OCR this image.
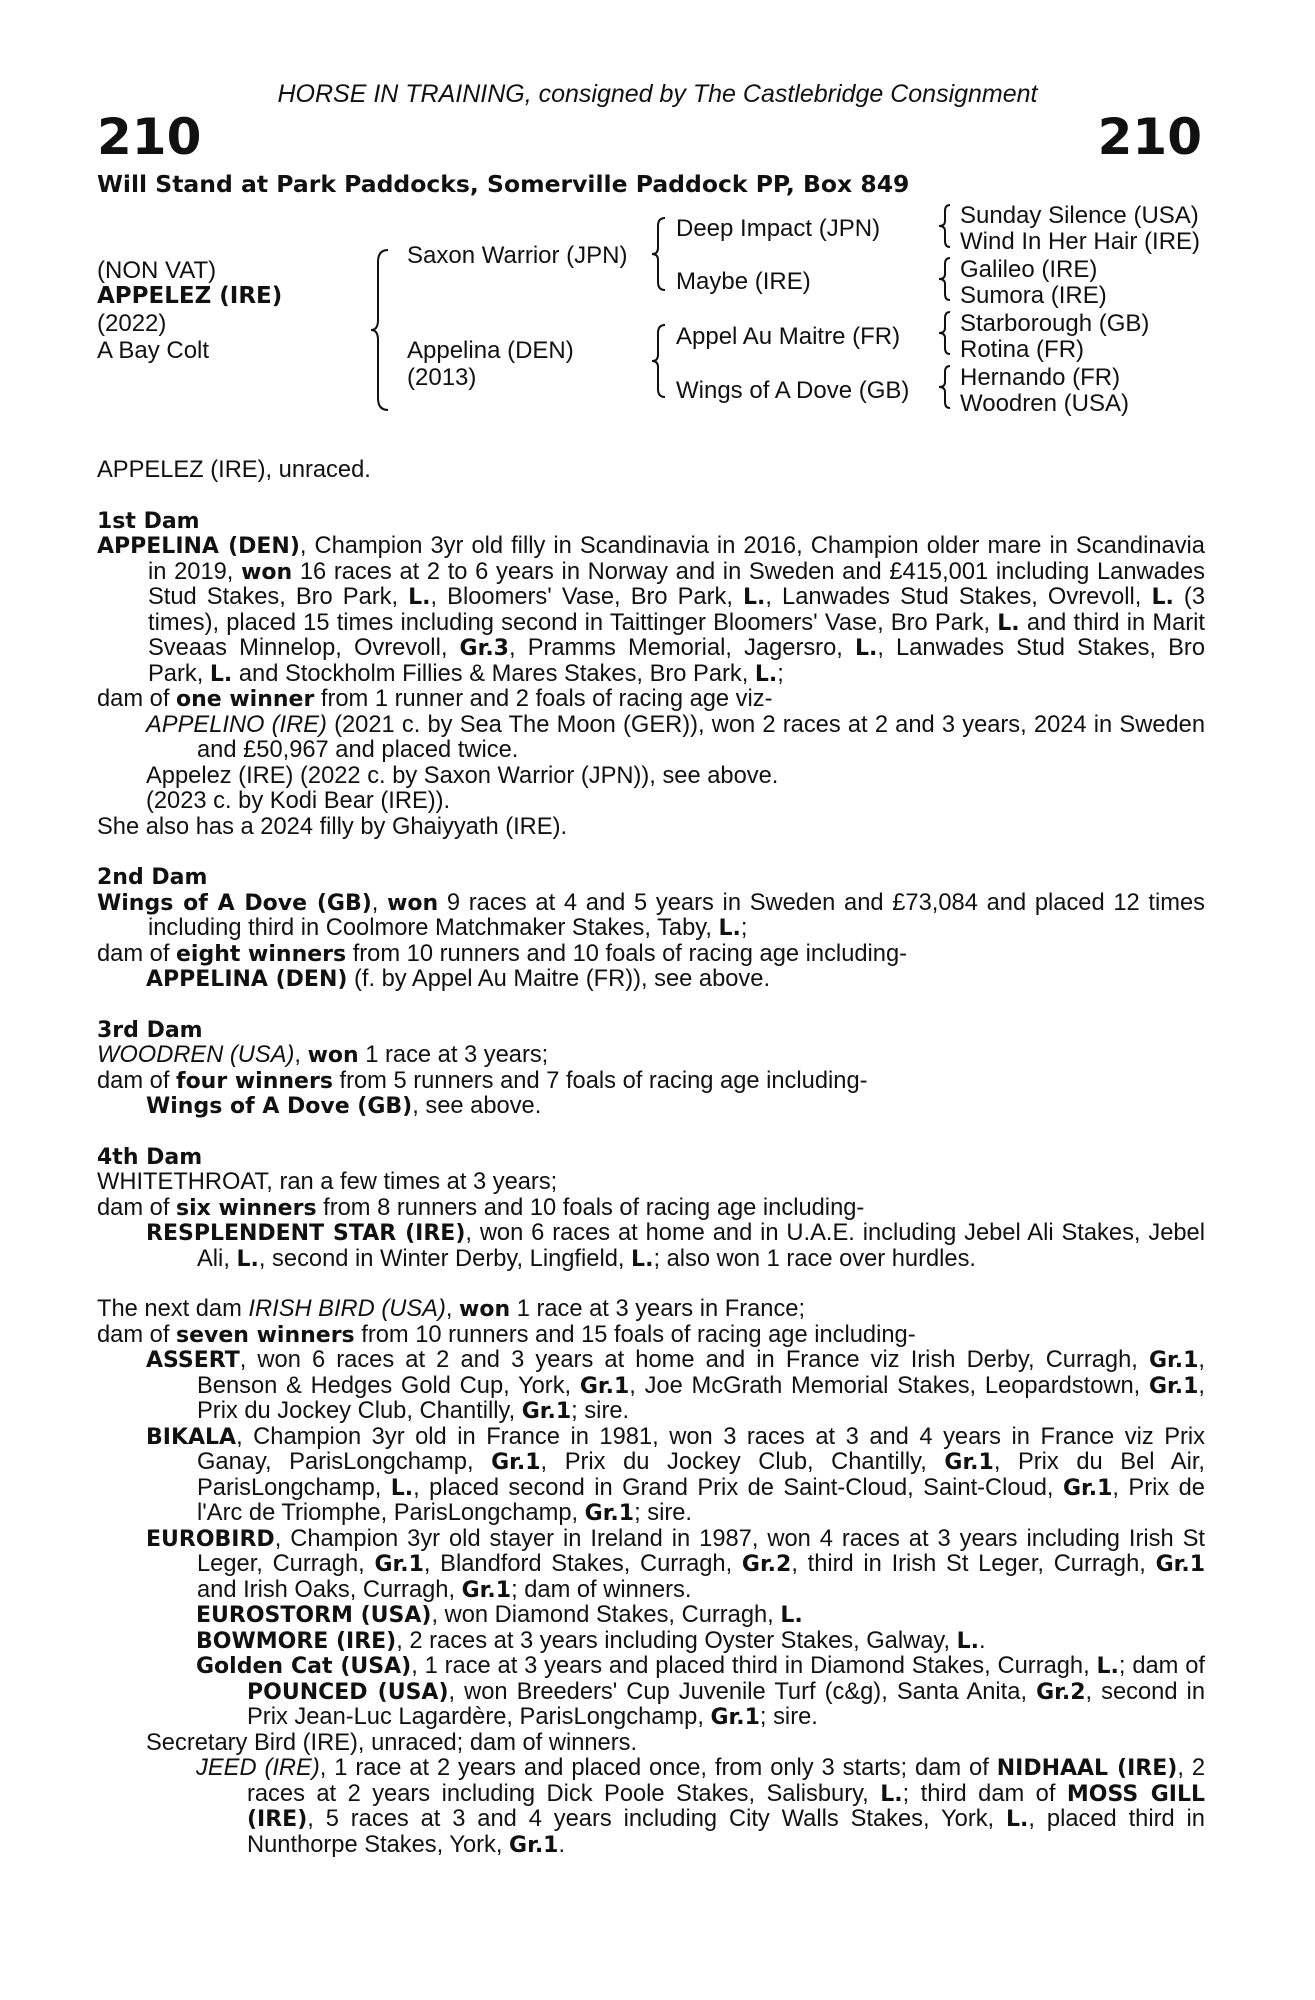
HORSE IN TRAINING, consigned by The Castlebridge Consignment
210	210
Will Stand at Park Paddocks, Somerville Paddock PP, Box 849
(NON VAT)
APPELEZ (IRE)
(2022)
A Bay Colt
Saxon Warrior (JPN)
Appelina (DEN)
(2013)
Deep Impact (JPN)
Maybe (IRE)
Appel Au Maitre (FR)
Wings of A Dove (GB)
Sunday Silence (USA)
Wind In Her Hair (IRE)
Galileo (IRE)
Sumora (IRE)
Starborough (GB)
Rotina (FR)
Hernando (FR)
Woodren (USA)

APPELEZ (IRE), unraced.

1st Dam

APPELINA (DEN), Champion 3yr old filly in Scandinavia in 2016, Champion older mare in Scandinavia in 2019, won 16 races at 2 to 6 years in Norway and in Sweden and £415,001 including Lanwades Stud Stakes, Bro Park, L., Bloomers' Vase, Bro Park, L., Lanwades Stud Stakes, Ovrevoll, L. (3 times), placed 15 times including second in Taittinger Bloomers' Vase, Bro Park, L. and third in Marit Sveaas Minnelop, Ovrevoll, Gr.3, Pramms Memorial, Jagersro, L., Lanwades Stud Stakes, Bro Park, L. and Stockholm Fillies & Mares Stakes, Bro Park, L.;

dam of one winner from 1 runner and 2 foals of racing age viz-

APPELINO (IRE) (2021 c. by Sea The Moon (GER)), won 2 races at 2 and 3 years, 2024 in Sweden and £50,967 and placed twice.

Appelez (IRE) (2022 c. by Saxon Warrior (JPN)), see above.

(2023 c. by Kodi Bear (IRE)).

She also has a 2024 filly by Ghaiyyath (IRE).

2nd Dam

Wings of A Dove (GB), won 9 races at 4 and 5 years in Sweden and £73,084 and placed 12 times including third in Coolmore Matchmaker Stakes, Taby, L.;

dam of eight winners from 10 runners and 10 foals of racing age including-

APPELINA (DEN) (f. by Appel Au Maitre (FR)), see above.

3rd Dam

WOODREN (USA), won 1 race at 3 years;

dam of four winners from 5 runners and 7 foals of racing age including-

Wings of A Dove (GB), see above.

4th Dam

WHITETHROAT, ran a few times at 3 years;

dam of six winners from 8 runners and 10 foals of racing age including-

RESPLENDENT STAR (IRE), won 6 races at home and in U.A.E. including Jebel Ali Stakes, Jebel Ali, L., second in Winter Derby, Lingfield, L.; also won 1 race over hurdles.

The next dam IRISH BIRD (USA), won 1 race at 3 years in France;

dam of seven winners from 10 runners and 15 foals of racing age including-

ASSERT, won 6 races at 2 and 3 years at home and in France viz Irish Derby, Curragh, Gr.1, Benson & Hedges Gold Cup, York, Gr.1, Joe McGrath Memorial Stakes, Leopardstown, Gr.1, Prix du Jockey Club, Chantilly, Gr.1; sire.

BIKALA, Champion 3yr old in France in 1981, won 3 races at 3 and 4 years in France viz Prix Ganay, ParisLongchamp, Gr.1, Prix du Jockey Club, Chantilly, Gr.1, Prix du Bel Air, ParisLongchamp, L., placed second in Grand Prix de Saint-Cloud, Saint-Cloud, Gr.1, Prix de l'Arc de Triomphe, ParisLongchamp, Gr.1; sire.

EUROBIRD, Champion 3yr old stayer in Ireland in 1987, won 4 races at 3 years including Irish St Leger, Curragh, Gr.1, Blandford Stakes, Curragh, Gr.2, third in Irish St Leger, Curragh, Gr.1 and Irish Oaks, Curragh, Gr.1; dam of winners.

EUROSTORM (USA), won Diamond Stakes, Curragh, L.

BOWMORE (IRE), 2 races at 3 years including Oyster Stakes, Galway, L..

Golden Cat (USA), 1 race at 3 years and placed third in Diamond Stakes, Curragh, L.; dam of POUNCED (USA), won Breeders' Cup Juvenile Turf (c&g), Santa Anita, Gr.2, second in Prix Jean-Luc Lagardère, ParisLongchamp, Gr.1; sire.

Secretary Bird (IRE), unraced; dam of winners.

JEED (IRE), 1 race at 2 years and placed once, from only 3 starts; dam of NIDHAAL (IRE), 2 races at 2 years including Dick Poole Stakes, Salisbury, L.; third dam of MOSS GILL (IRE), 5 races at 3 and 4 years including City Walls Stakes, York, L., placed third in Nunthorpe Stakes, York, Gr.1.
